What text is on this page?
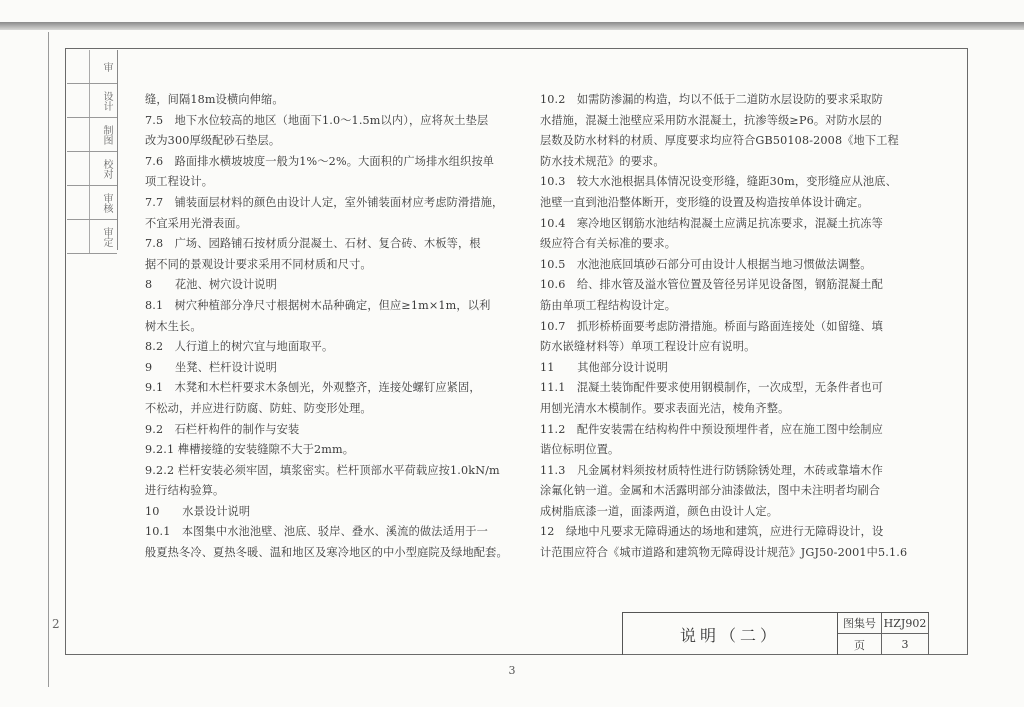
2
审
设计
制图
校对
审核
审定

缝，间隔18m设横向伸缩。

7.5　地下水位较高的地区（地面下1.0～1.5m以内），应将灰土垫层

改为300厚级配砂石垫层。

7.6　路面排水横坡坡度一般为1%～2%。大面积的广场排水组织按单

项工程设计。

7.7　铺装面层材料的颜色由设计人定，室外铺装面材应考虑防滑措施，

不宜采用光滑表面。

7.8　广场、园路铺石按材质分混凝土、石材、复合砖、木板等，根

据不同的景观设计要求采用不同材质和尺寸。

8　　花池、树穴设计说明

8.1　树穴种植部分净尺寸根据树木品种确定，但应≥1m×1m，以利

树木生长。

8.2　人行道上的树穴宜与地面取平。

9　　坐凳、栏杆设计说明

9.1　木凳和木栏杆要求木条刨光，外观整齐，连接处螺钉应紧固，

不松动，并应进行防腐、防蛀、防变形处理。

9.2　石栏杆构件的制作与安装

9.2.1 榫槽接缝的安装缝隙不大于2mm。

9.2.2 栏杆安装必须牢固，填浆密实。栏杆顶部水平荷载应按1.0kN/m

进行结构验算。

10　　水景设计说明

10.1　本图集中水池池壁、池底、驳岸、叠水、溪流的做法适用于一

般夏热冬冷、夏热冬暖、温和地区及寒冷地区的中小型庭院及绿地配套。

10.2　如需防渗漏的构造，均以不低于二道防水层设防的要求采取防

水措施，混凝土池壁应采用防水混凝土，抗渗等级≥P6。对防水层的

层数及防水材料的材质、厚度要求均应符合GB50108-2008《地下工程

防水技术规范》的要求。

10.3　较大水池根据具体情况设变形缝，缝距30m，变形缝应从池底、

池壁一直到池沿整体断开，变形缝的设置及构造按单体设计确定。

10.4　寒冷地区钢筋水池结构混凝土应满足抗冻要求，混凝土抗冻等

级应符合有关标准的要求。

10.5　水池池底回填砂石部分可由设计人根据当地习惯做法调整。

10.6　给、排水管及溢水管位置及管径另详见设备图，钢筋混凝土配

筋由单项工程结构设计定。

10.7　抓形桥桥面要考虑防滑措施。桥面与路面连接处（如留缝、填

防水嵌缝材料等）单项工程设计应有说明。

11　　其他部分设计说明

11.1　混凝土装饰配件要求使用钢模制作，一次成型，无条件者也可

用刨光清水木模制作。要求表面光洁，棱角齐整。

11.2　配件安装需在结构构件中预设预埋件者，应在施工图中绘制应

谐位标明位置。

11.3　凡金属材料须按材质特性进行防锈除锈处理，木砖或靠墙木作

涂氟化钠一道。金属和木活露明部分油漆做法，图中未注明者均刷合

成树脂底漆一道，面漆两道，颜色由设计人定。

12　绿地中凡要求无障碍通达的场地和建筑，应进行无障碍设计，设

计范围应符合《城市道路和建筑物无障碍设计规范》JGJ50-2001中5.1.6

说明（二）
图集号 HZJ902
页	3
3
